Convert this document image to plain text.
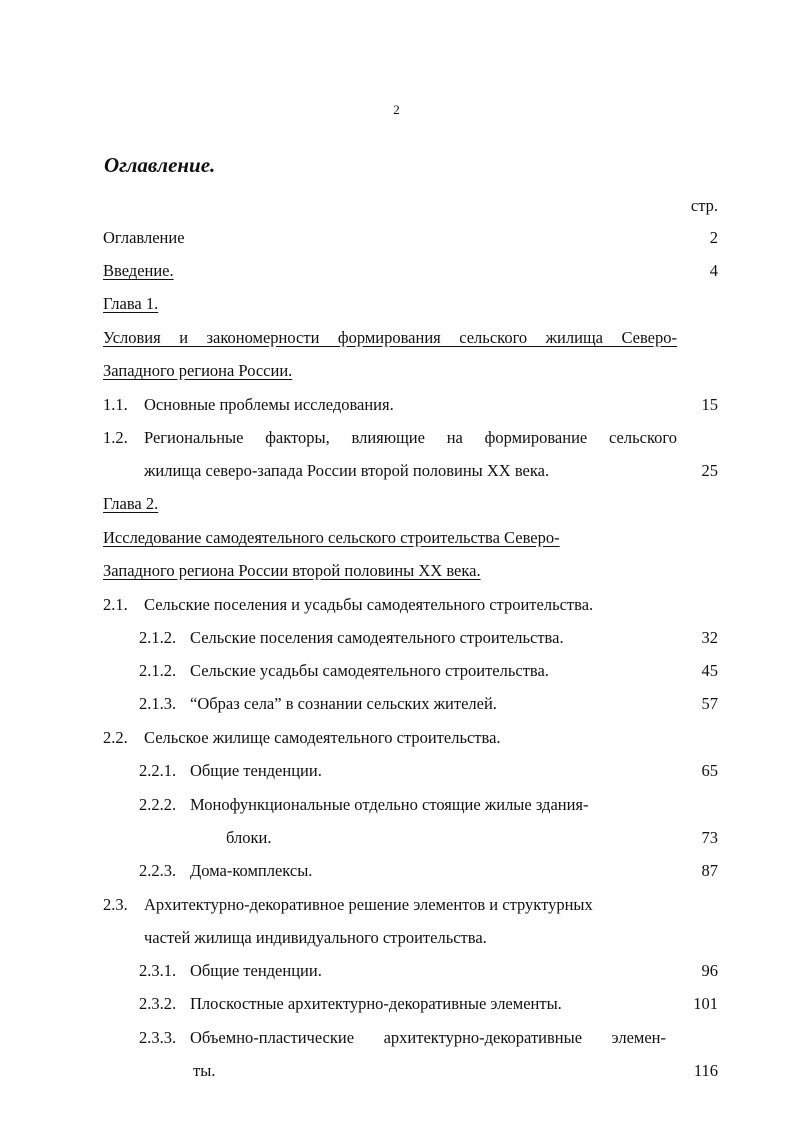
2
Оглавление.
стр.
Оглавление	2
Введение.	4
Глава 1.
Условия и закономерности формирования сельского жилища Северо-
Западного региона России.
1.1. Основные проблемы исследования.	15
1.2. Региональные факторы, влияющие на формирование сельского
жилища северо-запада России второй половины XX века.	25
Глава 2.
Исследование самодеятельного сельского строительства Северо-
Западного региона России второй половины XX века.
2.1. Сельские поселения и усадьбы самодеятельного строительства.
2.1.2. Сельские поселения самодеятельного строительства.	32
2.1.2. Сельские усадьбы самодеятельного строительства.	45
2.1.3. “Образ села” в сознании сельских жителей.	57
2.2. Сельское жилище самодеятельного строительства.
2.2.1. Общие тенденции.	65
2.2.2. Монофункциональные отдельно стоящие жилые здания-
блоки.	73
2.2.3. Дома-комплексы.	87
2.3. Архитектурно-декоративное решение элементов и структурных
частей жилища индивидуального строительства.
2.3.1. Общие тенденции.	96
2.3.2. Плоскостные архитектурно-декоративные элементы.	101
2.3.3. Объемно-пластические архитектурно-декоративные элемен-
ты.	116
